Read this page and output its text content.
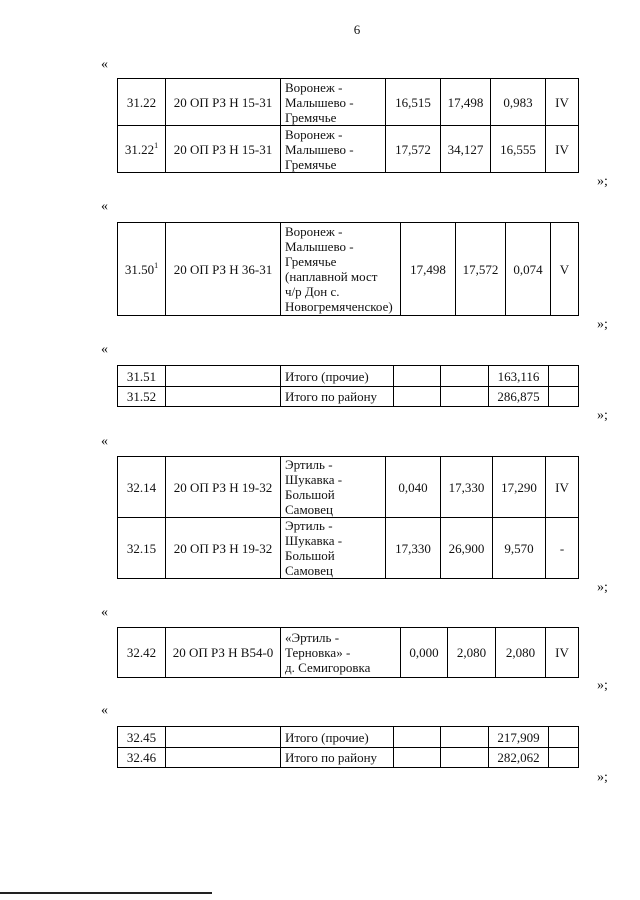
6
«
31.22	20 ОП РЗ Н 15-31	Воронеж -
Малышево -
Гремячье	16,515	17,498	0,983	IV
31.22$^1$	20 ОП РЗ Н 15-31	Воронеж -
Малышево -
Гремячье	17,572	34,127	16,555	IV
»;
«
31.50$^1$	20 ОП РЗ Н 36-31	
Воронеж -
Малышево -
Гремячье
(наплавной мост
ч/р Дон с.
Новогремяченское)
	17,498	17,572	0,074	V
»;
«
31.51		Итого (прочие)			163,116	
31.52		Итого по району			286,875	
»;
«
32.14	20 ОП РЗ Н 19-32	Эртиль -
Шукавка -
Большой
Самовец	0,040	17,330	17,290	IV
32.15	20 ОП РЗ Н 19-32	Эртиль -
Шукавка -
Большой
Самовец	17,330	26,900	9,570	-
»;
«
32.42	20 ОП РЗ Н В54-0	
«Эртиль -
Терновка» -
д. Семигоровка
	0,000	2,080	2,080	IV
»;
«
32.45		Итого (прочие)			217,909	
32.46		Итого по району			282,062	
»;
